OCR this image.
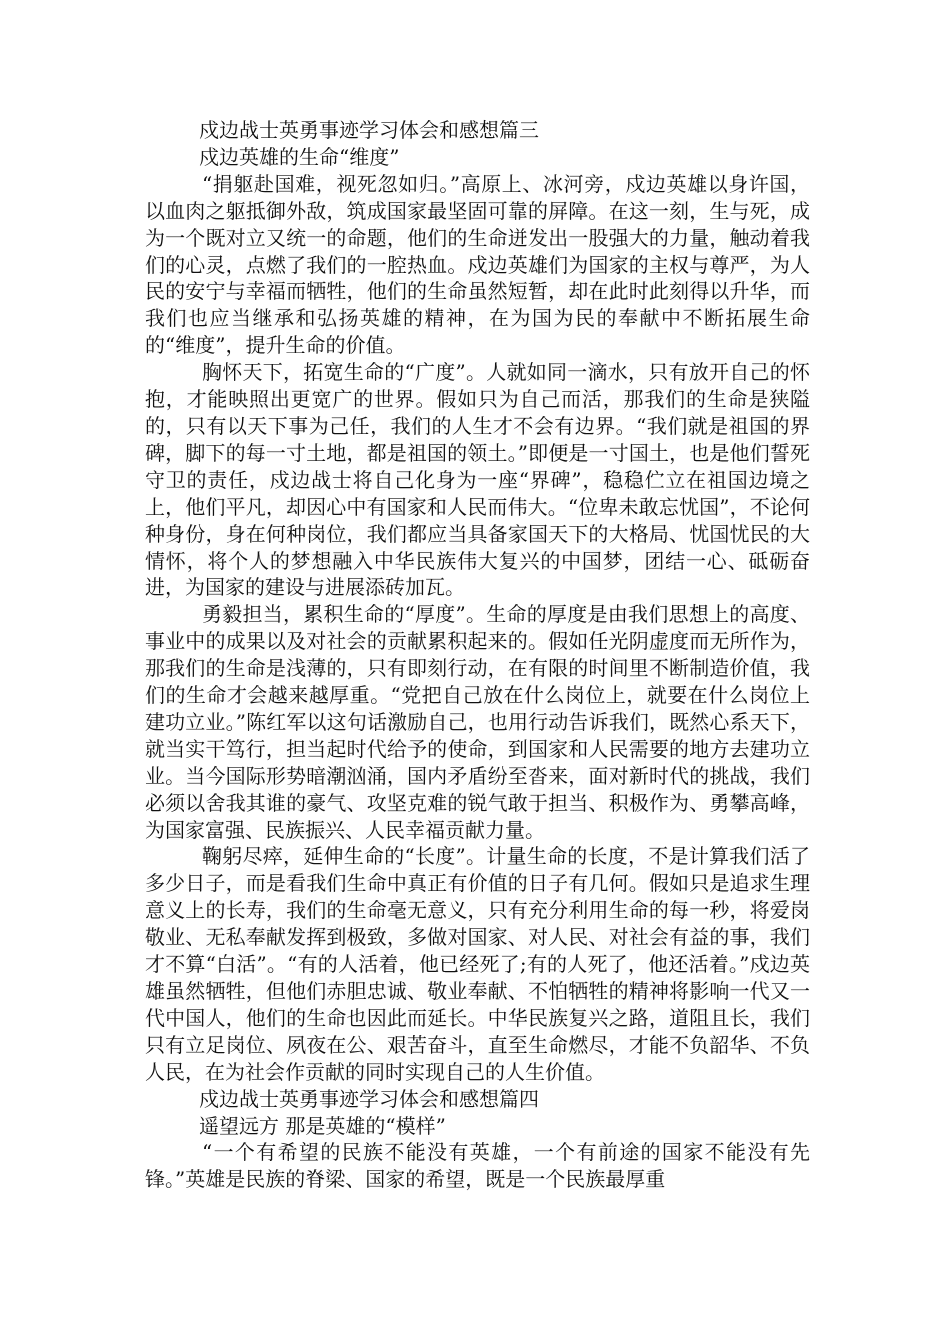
戍边战士英勇事迹学习体会和感想篇三

戍边英雄的生命“维度”

“捐躯赴国难，视死忽如归。”高原上、冰河旁，戍边英雄以身许国，以血肉之躯抵御外敌，筑成国家最坚固可靠的屏障。在这一刻，生与死，成为一个既对立又统一的命题，他们的生命迸发出一股强大的力量，触动着我们的心灵，点燃了我们的一腔热血。戍边英雄们为国家的主权与尊严，为人民的安宁与幸福而牺牲，他们的生命虽然短暂，却在此时此刻得以升华，而我们也应当继承和弘扬英雄的精神，在为国为民的奉献中不断拓展生命的“维度”，提升生命的价值。

胸怀天下，拓宽生命的“广度”。人就如同一滴水，只有放开自己的怀抱，才能映照出更宽广的世界。假如只为自己而活，那我们的生命是狭隘的，只有以天下事为己任，我们的人生才不会有边界。“我们就是祖国的界碑，脚下的每一寸土地，都是祖国的领土。”即便是一寸国土，也是他们誓死守卫的责任，戍边战士将自己化身为一座“界碑”，稳稳伫立在祖国边境之上，他们平凡，却因心中有国家和人民而伟大。“位卑未敢忘忧国”，不论何种身份，身在何种岗位，我们都应当具备家国天下的大格局、忧国忧民的大情怀，将个人的梦想融入中华民族伟大复兴的中国梦，团结一心、砥砺奋进，为国家的建设与进展添砖加瓦。

勇毅担当，累积生命的“厚度”。生命的厚度是由我们思想上的高度、事业中的成果以及对社会的贡献累积起来的。假如任光阴虚度而无所作为，那我们的生命是浅薄的，只有即刻行动，在有限的时间里不断制造价值，我们的生命才会越来越厚重。“党把自己放在什么岗位上，就要在什么岗位上建功立业。”陈红军以这句话激励自己，也用行动告诉我们，既然心系天下，就当实干笃行，担当起时代给予的使命，到国家和人民需要的地方去建功立业。当今国际形势暗潮汹涌，国内矛盾纷至沓来，面对新时代的挑战，我们必须以舍我其谁的豪气、攻坚克难的锐气敢于担当、积极作为、勇攀高峰，为国家富强、民族振兴、人民幸福贡献力量。

鞠躬尽瘁，延伸生命的“长度”。计量生命的长度，不是计算我们活了多少日子，而是看我们生命中真正有价值的日子有几何。假如只是追求生理意义上的长寿，我们的生命毫无意义，只有充分利用生命的每一秒，将爱岗敬业、无私奉献发挥到极致，多做对国家、对人民、对社会有益的事，我们才不算“白活”。“有的人活着，他已经死了;有的人死了，他还活着。”戍边英雄虽然牺牲，但他们赤胆忠诚、敬业奉献、不怕牺牲的精神将影响一代又一代中国人，他们的生命也因此而延长。中华民族复兴之路，道阻且长，我们只有立足岗位、夙夜在公、艰苦奋斗，直至生命燃尽，才能不负韶华、不负人民，在为社会作贡献的同时实现自己的人生价值。

戍边战士英勇事迹学习体会和感想篇四

遥望远方 那是英雄的“模样”

“一个有希望的民族不能没有英雄，一个有前途的国家不能没有先锋。”英雄是民族的脊梁、国家的希望，既是一个民族最厚重
